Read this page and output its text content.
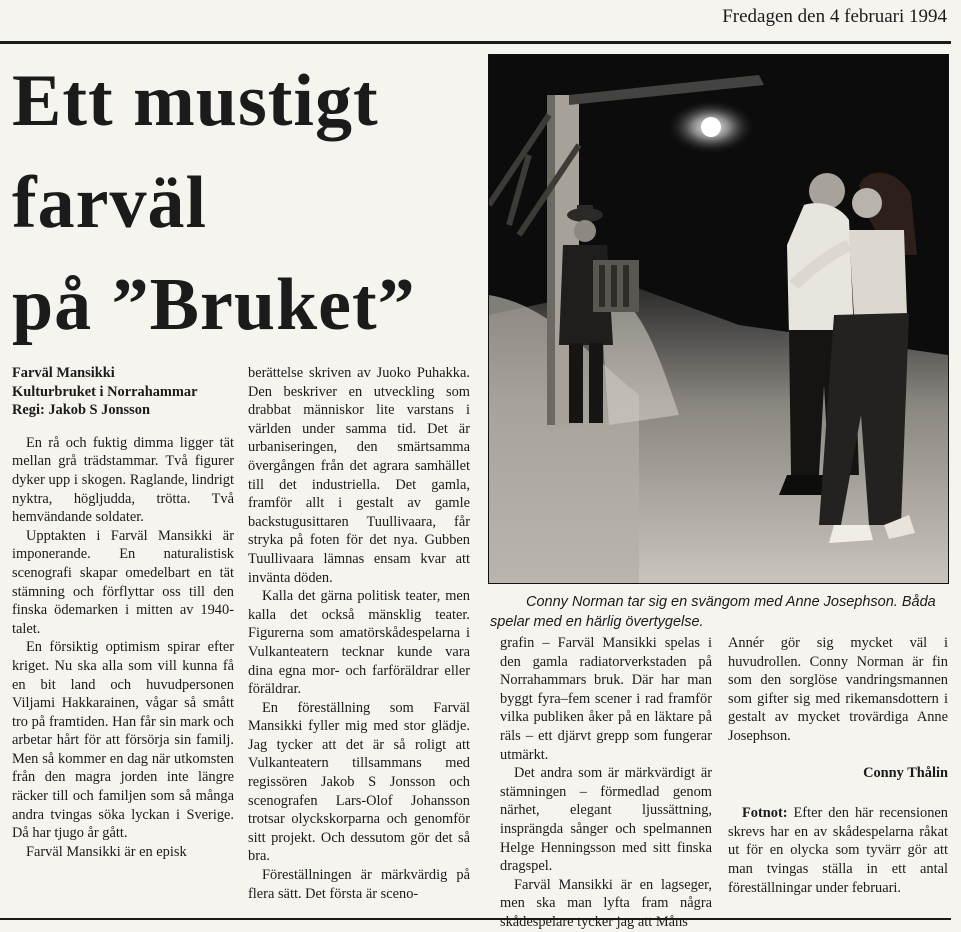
Fredagen den 4 februari 1994
Ett mustigt
farväl
på ”Bruket”
Conny Norman tar sig en svängom med Anne Josephson. Båda spelar med en härlig övertygelse.

Farväl Mansikki

Kulturbruket i Norrahammar

Regi: Jakob S Jonsson

En rå och fuktig dimma ligger tät mellan grå trädstammar. Två figurer dyker upp i skogen. Raglande, lindrigt nyktra, högljudda, trötta. Två hemvändande soldater.

Upptakten i Farväl Mansikki är imponerande. En naturalistisk scenografi skapar omedelbart en tät stämning och förflyttar oss till den finska ödemarken i mitten av 1940-talet.

En försiktig optimism spirar efter kriget. Nu ska alla som vill kunna få en bit land och huvudpersonen Viljami Hakkarainen, vågar så smått tro på framtiden. Han får sin mark och arbetar hårt för att försörja sin familj. Men så kommer en dag när utkomsten från den magra jorden inte längre räcker till och familjen som så många andra tvingas söka lyckan i Sverige. Då har tjugo år gått.

Farväl Mansikki är en episk

berättelse skriven av Juoko Puhakka. Den beskriver en utveckling som drabbat människor lite varstans i världen under samma tid. Det är urbaniseringen, den smärtsamma övergången från det agrara samhället till det industriella. Det gamla, framför allt i gestalt av gamle backstugusittaren Tuullivaara, får stryka på foten för det nya. Gubben Tuullivaara lämnas ensam kvar att invänta döden.

Kalla det gärna politisk teater, men kalla det också mänsklig teater. Figurerna som amatörskådespelarna i Vulkanteatern tecknar kunde vara dina egna mor- och farföräldrar eller föräldrar.

En föreställning som Farväl Mansikki fyller mig med stor glädje. Jag tycker att det är så roligt att Vulkanteatern tillsammans med regissören Jakob S Jonsson och scenografen Lars-Olof Johansson trotsar olyckskorparna och genomför sitt projekt. Och dessutom gör det så bra.

Föreställningen är märkvärdig på flera sätt. Det första är sceno-

grafin – Farväl Mansikki spelas i den gamla radiatorverkstaden på Norrahammars bruk. Där har man byggt fyra–fem scener i rad framför vilka publiken åker på en läktare på räls – ett djärvt grepp som fungerar utmärkt.

Det andra som är märkvärdigt är stämningen – förmedlad genom närhet, elegant ljussättning, insprängda sånger och spelmannen Helge Henningsson med sitt finska dragspel.

Farväl Mansikki är en lagseger, men ska man lyfta fram några skådespelare tycker jag att Måns

Annér gör sig mycket väl i huvudrollen. Conny Norman är fin som den sorglöse vandringsmannen som gifter sig med rikemansdottern i gestalt av mycket trovärdiga Anne Josephson.

Conny Thålin

Fotnot: Efter den här recensionen skrevs har en av skådespelarna råkat ut för en olycka som tyvärr gör att man tvingas ställa in ett antal föreställningar under februari.
